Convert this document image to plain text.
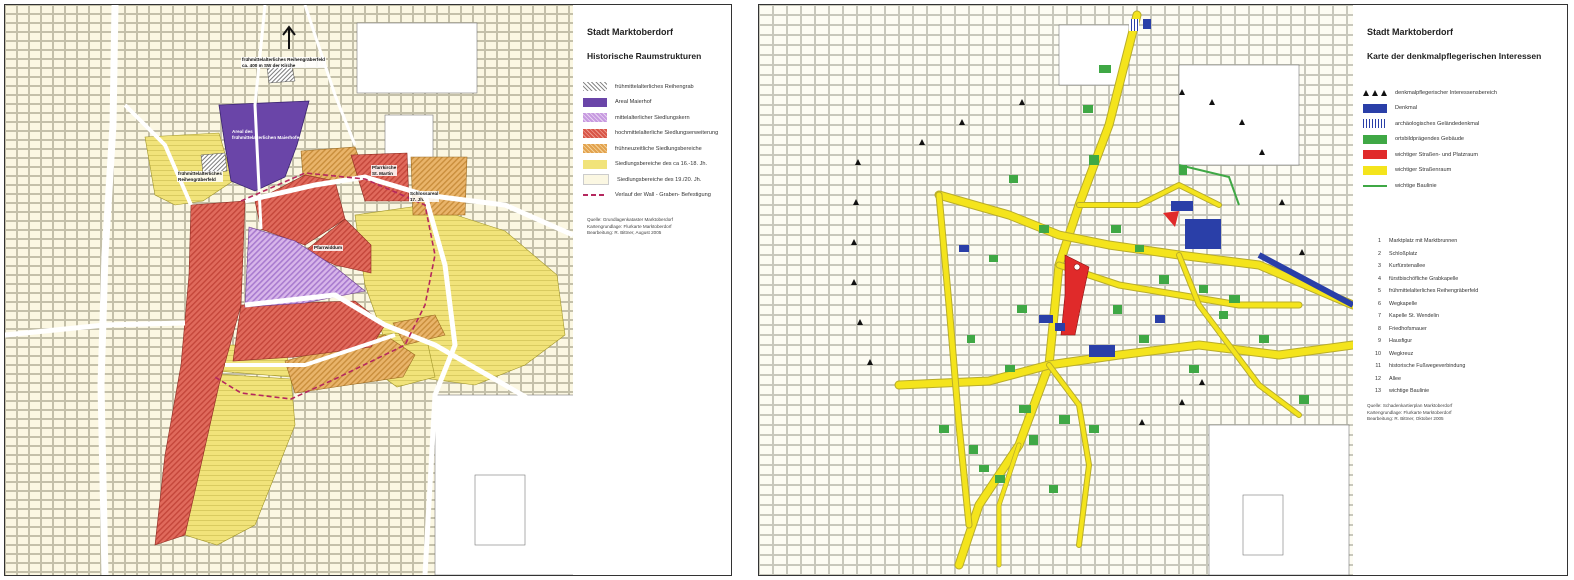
frühmittelalterliches Reihengräberfeld
ca. 400 m SW der Kirche
Areal des
frühmittelalterlichen Maierhofes
frühmittelalterliches
Reihengräberfeld
Pfarrkirche
St. Martin
Schlossareal
17. Jh.
Pfarrwiddum
Stadt Marktoberdorf
Historische Raumstrukturen
frühmittelalterliches Reihengrab
Areal Maierhof
mittelalterlicher Siedlungskern
hochmittelalterliche Siedlungserweiterung
frühneuzeitliche Siedlungsbereiche
Siedlungsbereiche des ca 16.-18. Jh.
Siedlungsbereiche des 19./20. Jh.
Verlauf der Wall - Graben- Befestigung
Quelle: Grundlagenkataster Marktoberdorf
Kartengrundlage: Flurkarte Marktoberdorf
Bearbeitung: R. Bittner, August 2005
Stadt Marktoberdorf
Karte der denkmalpflegerischen Interessen
denkmalpflegerischer Interessensbereich
Denkmal
archäologisches Geländedenkmal
ortsbildprägendes Gebäude
wichtiger Straßen- und Platzraum
wichtiger Straßenraum
wichtige Baulinie
1 Marktplatz mit Marktbrunnen
2 Schloßplatz
3 Kurfürstenallee
4 fürstbischöfliche Grabkapelle
5 frühmittelalterliches Reihengräberfeld
6 Wegkapelle
7 Kapelle St. Wendelin
8 Friedhofsmauer
9 Hausfigur
10 Wegkreuz
11 historische Fußwegeverbindung
12 Allee
13 wichtige Baulinie
Quelle: Schadenkartierplan Marktoberdorf
Kartengrundlage: Flurkarte Marktoberdorf
Bearbeitung: R. Bittner, Oktober 2005
